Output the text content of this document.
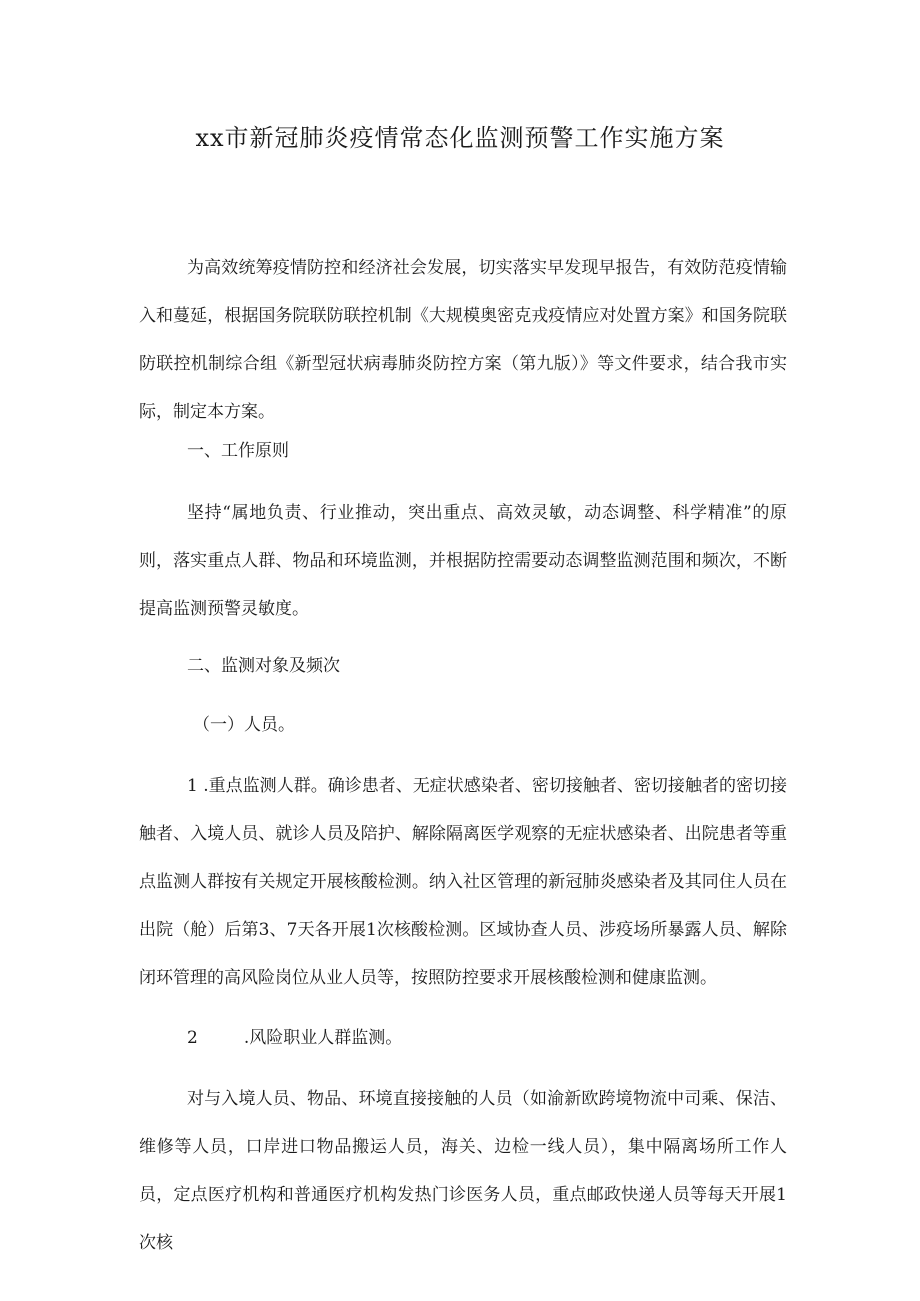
xx市新冠肺炎疫情常态化监测预警工作实施方案

为高效统筹疫情防控和经济社会发展，切实落实早发现早报告，有效防范疫情输入和蔓延，根据国务院联防联控机制《大规模奥密克戎疫情应对处置方案》和国务院联防联控机制综合组《新型冠状病毒肺炎防控方案（第九版）》等文件要求，结合我市实际，制定本方案。

一、工作原则

坚持“属地负责、行业推动，突出重点、高效灵敏，动态调整、科学精准”的原则，落实重点人群、物品和环境监测，并根据防控需要动态调整监测范围和频次，不断提高监测预警灵敏度。

二、监测对象及频次
（一）人员。

1 .重点监测人群。确诊患者、无症状感染者、密切接触者、密切接触者的密切接触者、入境人员、就诊人员及陪护、解除隔离医学观察的无症状感染者、出院患者等重点监测人群按有关规定开展核酸检测。纳入社区管理的新冠肺炎感染者及其同住人员在出院（舱）后第3、7天各开展1次核酸检测。区域协查人员、涉疫场所暴露人员、解除闭环管理的高风险岗位从业人员等，按照防控要求开展核酸检测和健康监测。

2	.风险职业人群监测。

对与入境人员、物品、环境直接接触的人员（如渝新欧跨境物流中司乘、保洁、维修等人员，口岸进口物品搬运人员，海关、边检一线人员），集中隔离场所工作人员，定点医疗机构和普通医疗机构发热门诊医务人员，重点邮政快递人员等每天开展1次核
